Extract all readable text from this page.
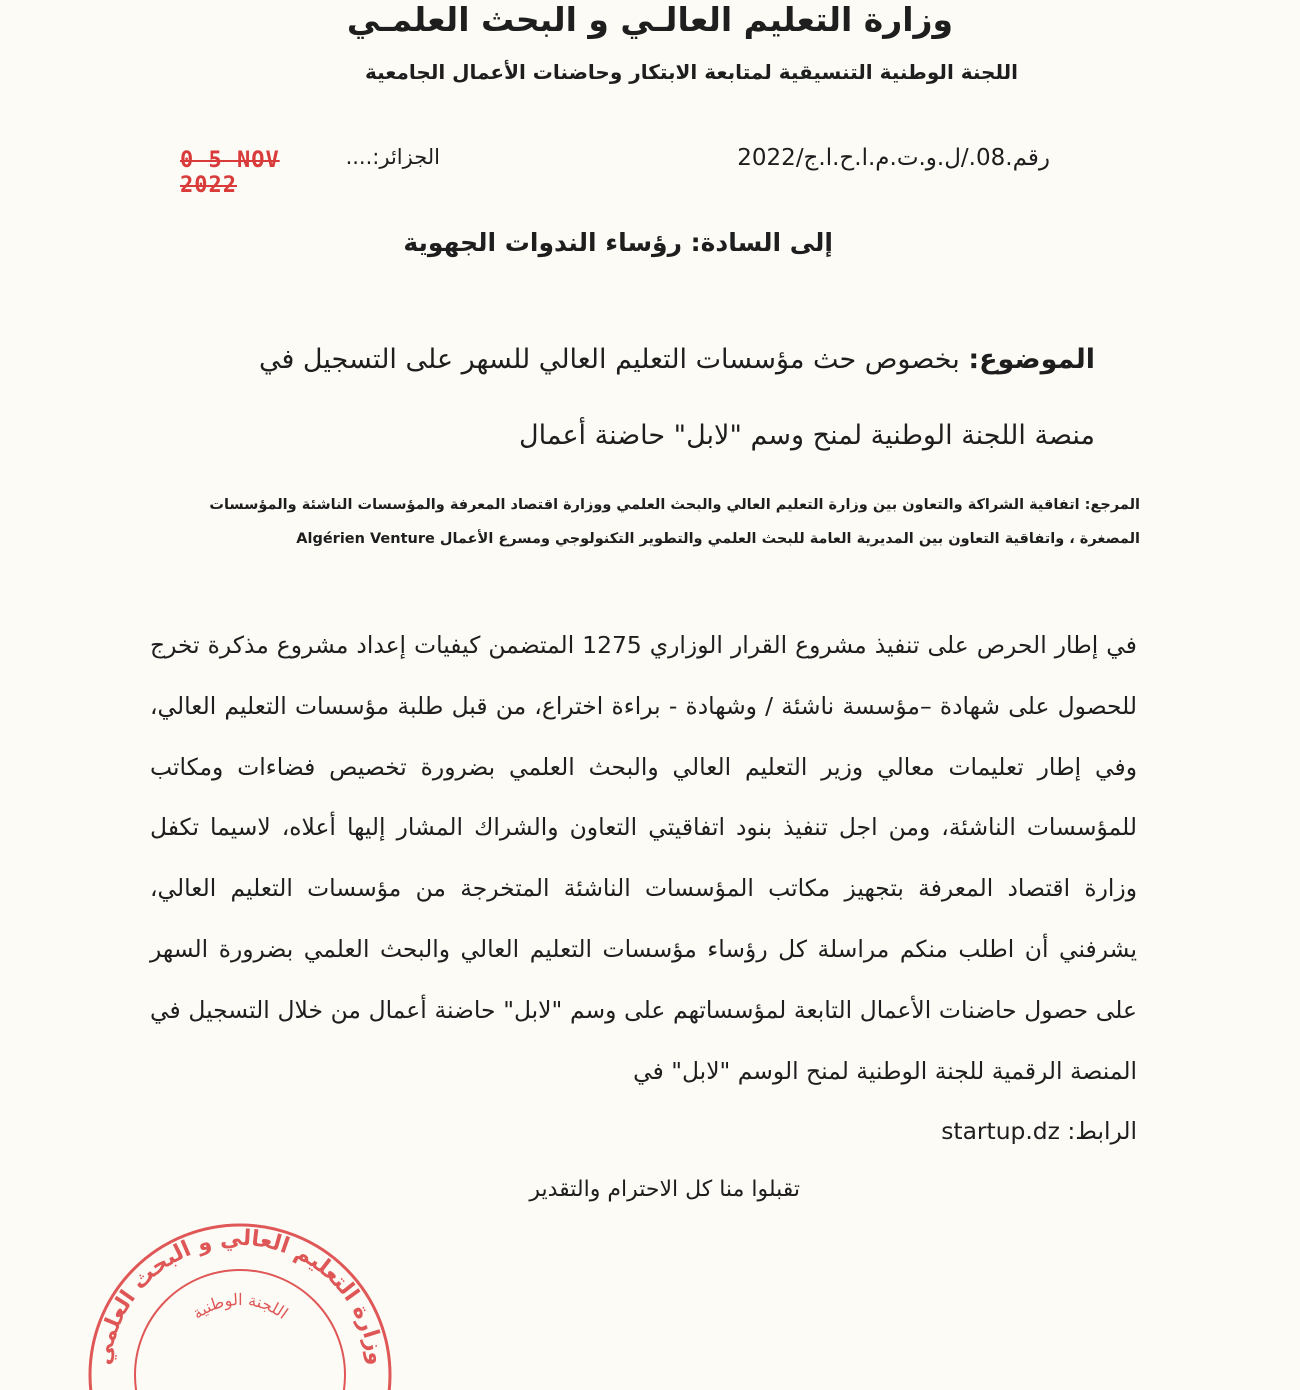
وزارة التعليم العالـي و البحث العلمـي
اللجنة الوطنية التنسيقية لمتابعة الابتكار وحاضنات الأعمال الجامعية
رقم.08./ل.و.ت.م.ا.ح.ا.ج/2022
الجزائر:....
0 5 NOV 2022
إلى السادة: رؤساء الندوات الجهوية
الموضوع: بخصوص حث مؤسسات التعليم العالي للسهر على التسجيل في منصة اللجنة الوطنية لمنح وسم "لابل" حاضنة أعمال
المرجع: اتفاقية الشراكة والتعاون بين وزارة التعليم العالي والبحث العلمي ووزارة اقتصاد المعرفة والمؤسسات الناشئة والمؤسسات المصغرة ، واتفاقية التعاون بين المديرية العامة للبحث العلمي والتطوير التكنولوجي ومسرع الأعمال Algérien Venture
في إطار الحرص على تنفيذ مشروع القرار الوزاري 1275 المتضمن كيفيات إعداد مشروع مذكرة تخرج للحصول على شهادة –مؤسسة ناشئة / وشهادة - براءة اختراع، من قبل طلبة مؤسسات التعليم العالي، وفي إطار تعليمات معالي وزير التعليم العالي والبحث العلمي بضرورة تخصيص فضاءات ومكاتب للمؤسسات الناشئة، ومن اجل تنفيذ بنود اتفاقيتي التعاون والشراك المشار إليها أعلاه، لاسيما تكفل وزارة اقتصاد المعرفة بتجهيز مكاتب المؤسسات الناشئة المتخرجة من مؤسسات التعليم العالي، يشرفني أن اطلب منكم مراسلة كل رؤساء مؤسسات التعليم العالي والبحث العلمي بضرورة السهر على حصول حاضنات الأعمال التابعة لمؤسساتهم على وسم "لابل" حاضنة أعمال من خلال التسجيل في المنصة الرقمية للجنة الوطنية لمنح الوسم "لابل" في
الرابط: startup.dz
تقبلوا منا كل الاحترام والتقدير
وزارة التعليم العالي و البحث العلمي
اللجنة الوطنية
